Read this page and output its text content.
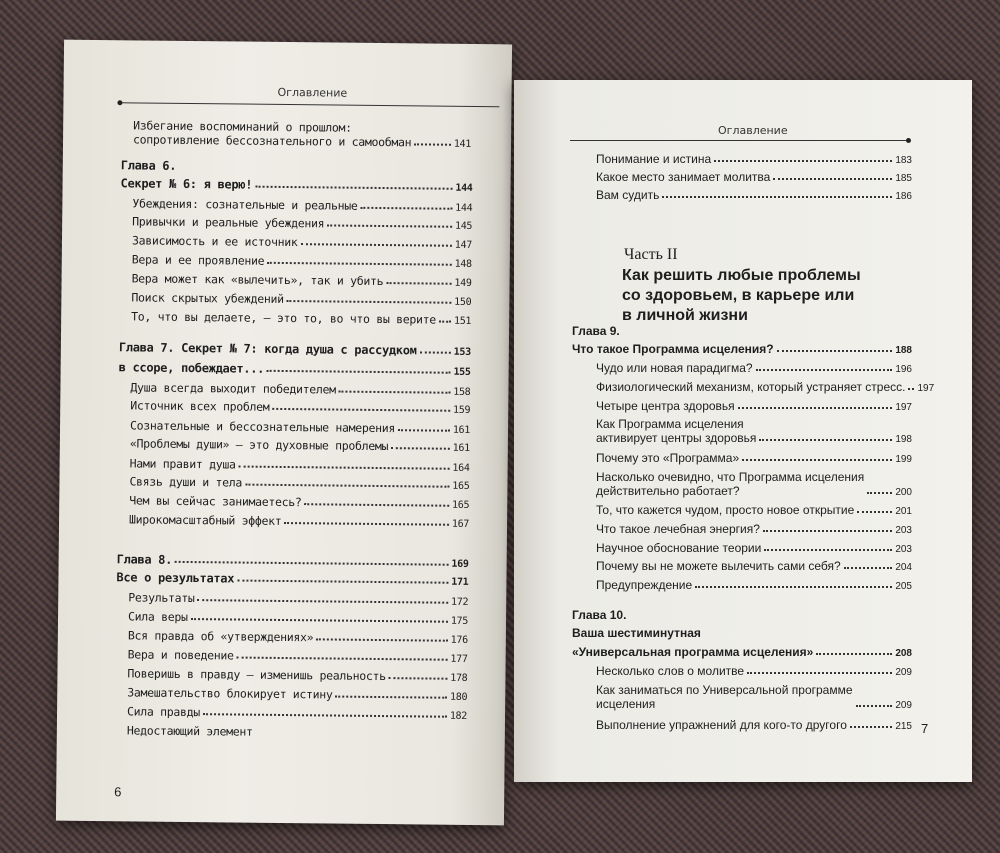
Оглавление
Избегание воспоминаний о прошлом:
сопротивление бессознательного и самообман	141
Глава 6.
Секрет № 6: я верю!	144
Убеждения: сознательные и реальные	144
Привычки и реальные убеждения	145
Зависимость и ее источник	147
Вера и ее проявление	148
Вера может как «вылечить», так и убить	149
Поиск скрытых убеждений	150
То, что вы делаете, — это то, во что вы верите 151
Глава 7. Секрет № 7: когда душа с рассудком	153
в ссоре, побеждает...	155
Душа всегда выходит победителем	158
Источник всех проблем	159
Сознательные и бессознательные намерения	161
«Проблемы души» — это духовные проблемы	161
Нами правит душа	164
Связь души и тела	165
Чем вы сейчас занимаетесь?	165
Широкомасштабный эффект	167
Глава 8.	169
Все о результатах	171
Результаты	172
Сила веры	175
Вся правда об «утверждениях»	176
Вера и поведение	177
Поверишь в правду — изменишь реальность	178
Замешательство блокирует истину	180
Сила правды	182
Недостающий элемент
6
Оглавление
Понимание и истина	183
Какое место занимает молитва	185
Вам судить	186
Глава 9.
Что такое Программа исцеления?	188
Чудо или новая парадигма?	196
Физиологический механизм, который устраняет стресс. 197
Четыре центра здоровья	197
Как Программа исцеления
активирует центры здоровья	198
Почему это «Программа»	199
Насколько очевидно, что Программа исцеления
действительно работает?	200
То, что кажется чудом, просто новое открытие	201
Что такое лечебная энергия?	203
Научное обоснование теории	203
Почему вы не можете вылечить сами себя?	204
Предупреждение	205
Глава 10.
Ваша шестиминутная
«Универсальная программа исцеления»	208
Несколько слов о молитве	209
Как заниматься по Универсальной программе
исцеления	209
Выполнение упражнений для кого-то другого	215
Часть II
Как решить любые проблемы
со здоровьем, в карьере или
в личной жизни
7
